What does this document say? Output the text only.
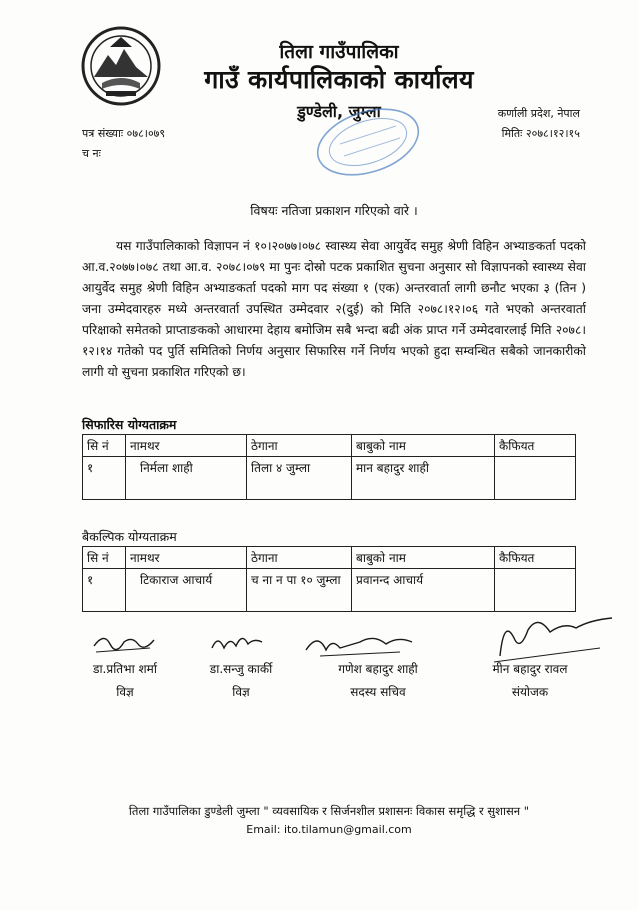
तिला गाउँपालिका
गाउँ कार्यपालिकाको कार्यालय
डुण्डेली, जुम्ला	कर्णाली प्रदेश, नेपाल
पत्र संख्याः ०७८।०७९
च नः
मितिः २०७८।१२।१५
विषयः नतिजा प्रकाशन गरिएको वारे ।
यस गाउँपालिकाको विज्ञापन नं १०।२०७७।०७८ स्वास्थ्य सेवा आयुर्वेद समुह श्रेणी विहिन अभ्याङकर्ता पदको आ.व.२०७७।०७८ तथा आ.व. २०७८।०७९ मा पुनः दोस्रो पटक प्रकाशित सुचना अनुसार सो विज्ञापनको स्वास्थ्य सेवा आयुर्वेद समुह श्रेणी विहिन अभ्याङकर्ता पदको माग पद संख्या १ (एक) अन्तरवार्ता लागी छनौट भएका ३ (तिन ) जना उम्मेदवारहरु मध्ये अन्तरवार्ता उपस्थित उम्मेदवार २(दुई) को मिति २०७८।१२।०६ गते भएको अन्तरवार्ता परिक्षाको समेतको प्राप्ताङकको आधारमा देहाय बमोजिम सबै भन्दा बढी अंक प्राप्त गर्ने उम्मेदवारलाई मिति २०७८।१२।१४ गतेको पद पुर्ति समितिको निर्णय अनुसार सिफारिस गर्ने निर्णय भएको हुदा सम्वन्धित सबैको जानकारीको लागी यो सुचना प्रकाशित गरिएको छ।
सिफारिस योग्यताक्रम
सि नं	नामथर	ठेगाना	बाबुको नाम	कैफियत
१	निर्मला शाही	तिला ४ जुम्ला	मान बहादुर शाही	
बैकल्पिक योग्यताक्रम
सि नं	नामथर	ठेगाना	बाबुको नाम	कैफियत
१	टिकाराज आचार्य	च ना न पा १० जुम्ला	प्रवानन्द आचार्य	
डा.प्रतिभा शर्मा
विज्ञ
डा.सन्जु कार्की
विज्ञ
गणेश बहादुर शाही
सदस्य सचिव
मीन बहादुर रावल
संयोजक
तिला गाउँपालिका डुण्डेली जुम्ला " व्यवसायिक र सिर्जनशील प्रशासनः विकास समृद्धि र सुशासन "
Email: ito.tilamun@gmail.com
